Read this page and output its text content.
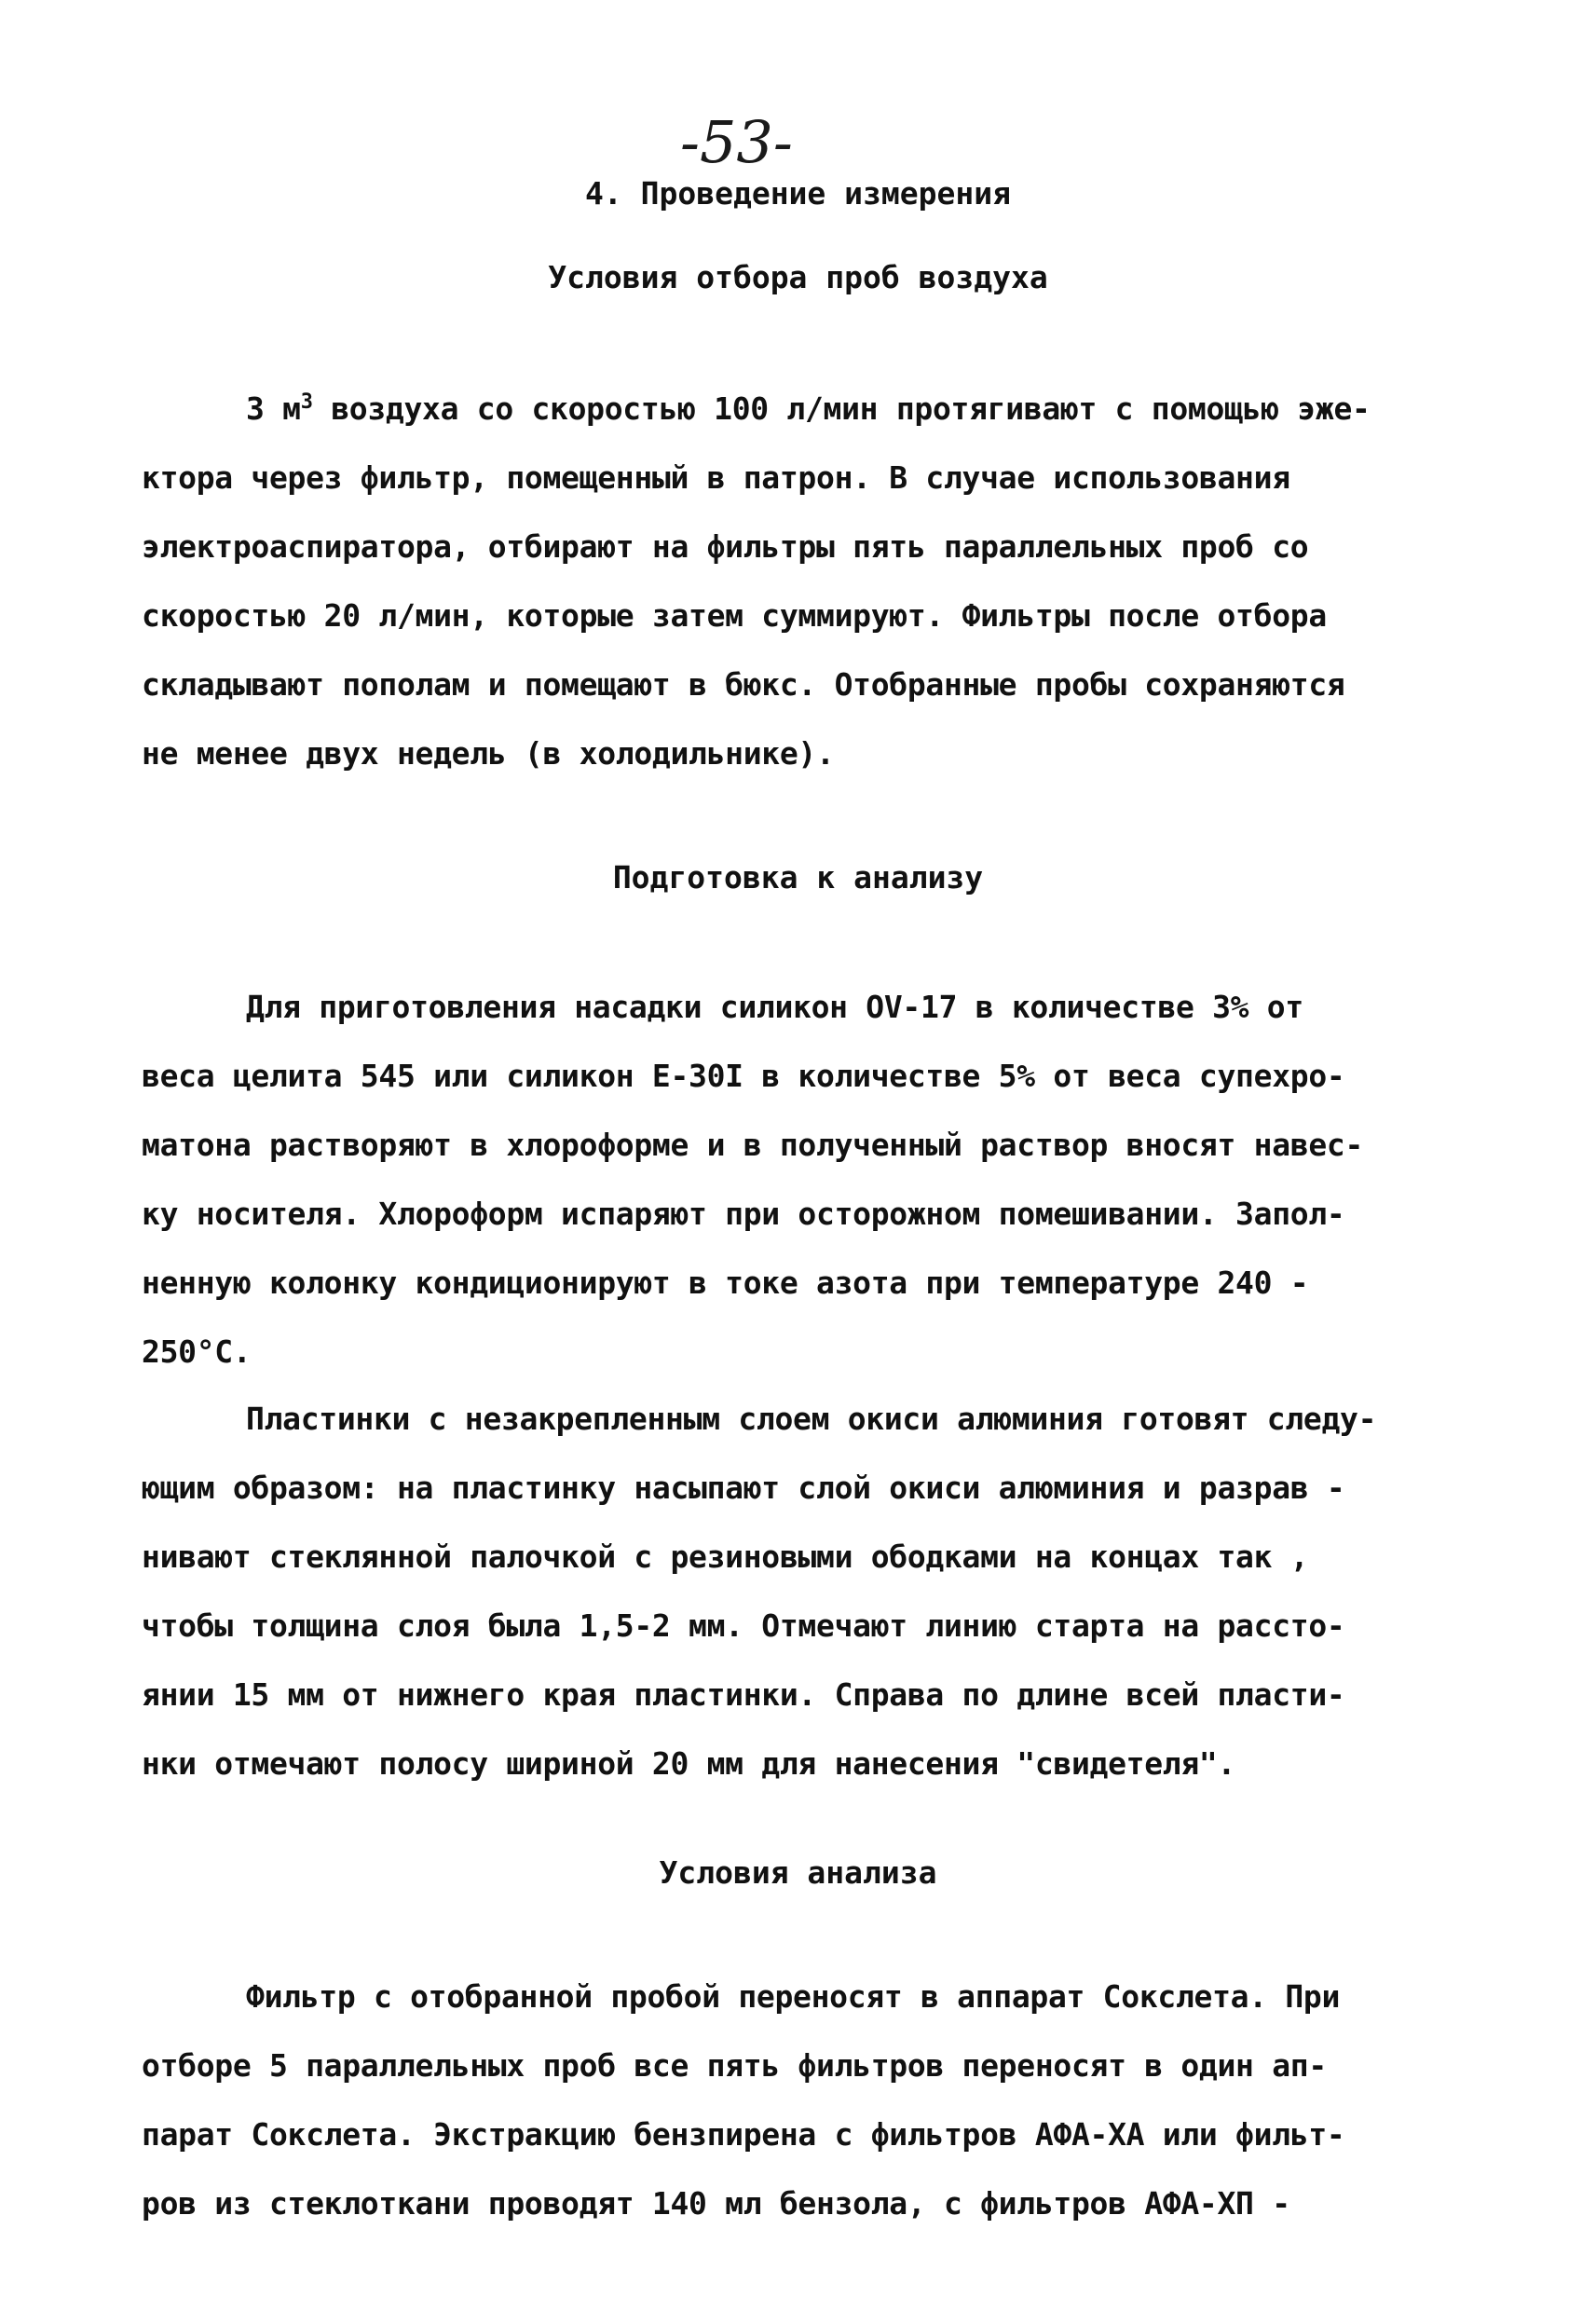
-53-
4. Проведение измерения
Условия отбора проб воздуха
3 $м^3$ воздуха со скоростью 100 л/мин протягивают с помощью эже-
ктора через фильтр, помещенный в патрон. В случае использования
электроаспиратора, отбирают на фильтры пять параллельных проб со
скоростью 20 л/мин, которые затем суммируют. Фильтры после отбора
складывают пополам и помещают в бюкс. Отобранные пробы сохраняются
не менее двух недель (в холодильнике).
Подготовка к анализу
Для приготовления насадки силикон OV-17 в количестве 3% от
веса целита 545 или силикон E-30I в количестве 5% от веса супехро-
матона растворяют в хлороформе и в полученный раствор вносят навес-
ку носителя. Хлороформ испаряют при осторожном помешивании. Запол-
ненную колонку кондиционируют в токе азота при температуре 240 -
250°С.
Пластинки с незакрепленным слоем окиси алюминия готовят следу-
ющим образом: на пластинку насыпают слой окиси алюминия и разрав -
нивают стеклянной палочкой с резиновыми ободками на концах так ,
чтобы толщина слоя была 1,5-2 мм. Отмечают линию старта на рассто-
янии 15 мм от нижнего края пластинки. Справа по длине всей пласти-
нки отмечают полосу шириной 20 мм для нанесения "свидетеля".
Условия анализа
Фильтр с отобранной пробой переносят в аппарат Сокслета. При
отборе 5 параллельных проб все пять фильтров переносят в один ап-
парат Сокслета. Экстракцию бензпирена с фильтров АФА-ХА или фильт-
ров из стеклоткани проводят 140 мл бензола, с фильтров АФА-ХП -
